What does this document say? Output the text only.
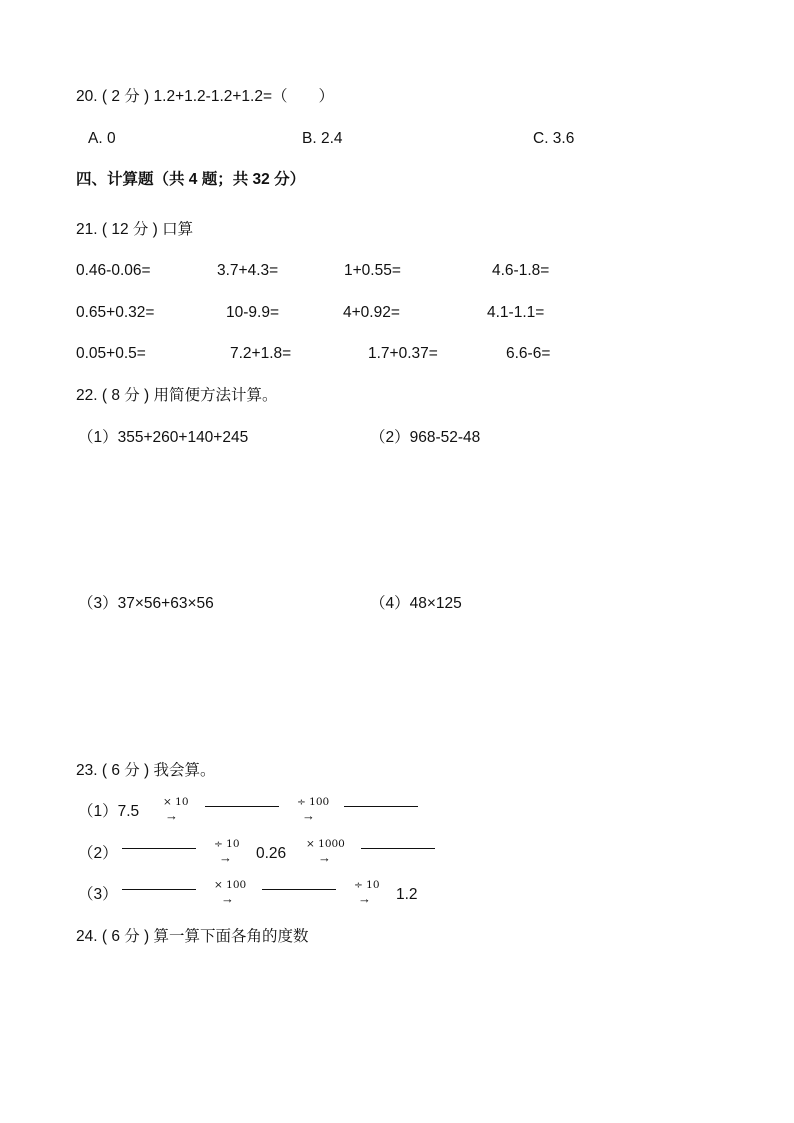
20. ( 2 分 ) 1.2+1.2-1.2+1.2=（　　）
A. 0	B. 2.4	C. 3.6
四、计算题（共 4 题；共 32 分）
21. ( 12 分 ) 口算
0.46-0.06=	3.7+4.3=	1+0.55=	4.6-1.8=
0.65+0.32=	10-9.9=	4+0.92=	4.1-1.1=
0.05+0.5=	7.2+1.8=	1.7+0.37=	6.6-6=
22. ( 8 分 ) 用简便方法计算。
（1）355+260+140+245	（2）968-52-48
（3）37×56+63×56	（4）48×125
23. ( 6 分 ) 我会算。
（1）7.5
× 10
→
÷ 100
→
（2）
÷ 10
→ 0.26
× 1000
→
（3）
× 100
→
÷ 10
→ 1.2
24. ( 6 分 ) 算一算下面各角的度数
